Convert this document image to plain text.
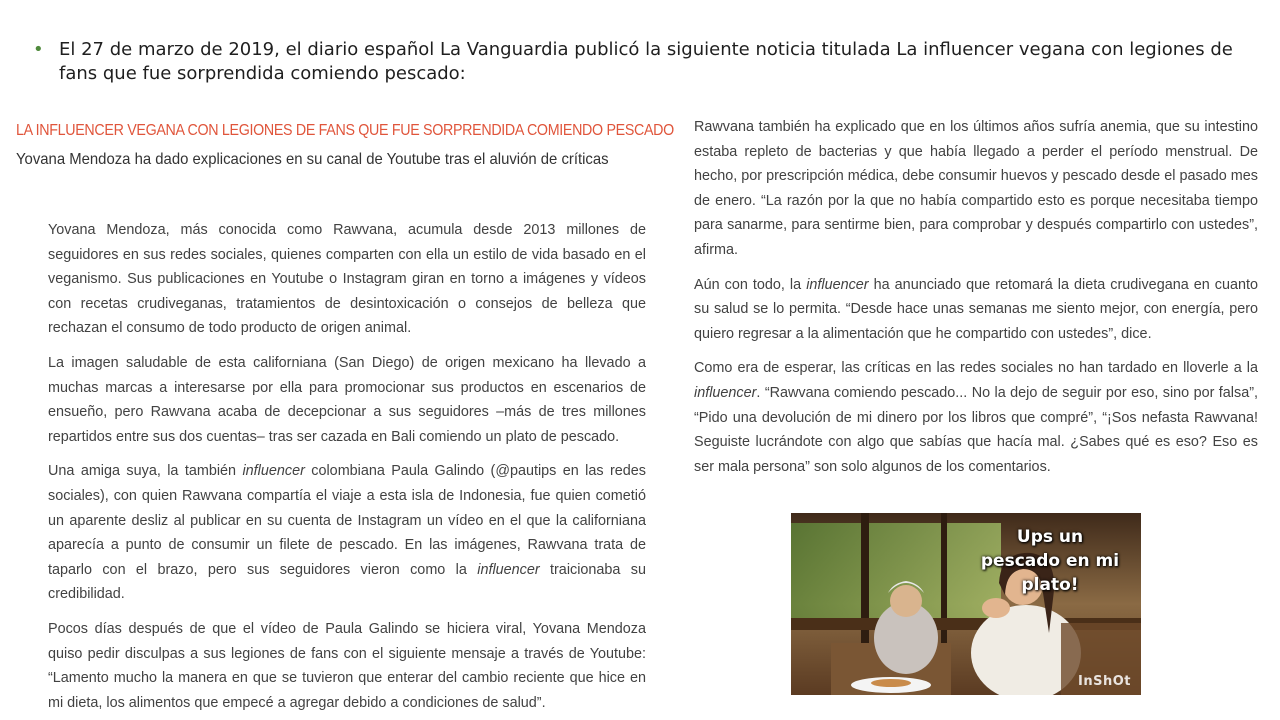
• El 27 de marzo de 2019, el diario español La Vanguardia publicó la siguiente noticia titulada La influencer vegana con legiones de fans que fue sorprendida comiendo pescado:
LA INFLUENCER VEGANA CON LEGIONES DE FANS QUE FUE SORPRENDIDA COMIENDO PESCADO
Yovana Mendoza ha dado explicaciones en su canal de Youtube tras el aluvión de críticas

Yovana Mendoza, más conocida como Rawvana, acumula desde 2013 millones de seguidores en sus redes sociales, quienes comparten con ella un estilo de vida basado en el veganismo. Sus publicaciones en Youtube o Instagram giran en torno a imágenes y vídeos con recetas crudiveganas, tratamientos de desintoxicación o consejos de belleza que rechazan el consumo de todo producto de origen animal.

La imagen saludable de esta californiana (San Diego) de origen mexicano ha llevado a muchas marcas a interesarse por ella para promocionar sus productos en escenarios de ensueño, pero Rawvana acaba de decepcionar a sus seguidores –más de tres millones repartidos entre sus dos cuentas– tras ser cazada en Bali comiendo un plato de pescado.

Una amiga suya, la también influencer colombiana Paula Galindo (@pautips en las redes sociales), con quien Rawvana compartía el viaje a esta isla de Indonesia, fue quien cometió un aparente desliz al publicar en su cuenta de Instagram un vídeo en el que la californiana aparecía a punto de consumir un filete de pescado. En las imágenes, Rawvana trata de taparlo con el brazo, pero sus seguidores vieron como la influencer traicionaba su credibilidad.

Pocos días después de que el vídeo de Paula Galindo se hiciera viral, Yovana Mendoza quiso pedir disculpas a sus legiones de fans con el siguiente mensaje a través de Youtube: “Lamento mucho la manera en que se tuvieron que enterar del cambio reciente que hice en mi dieta, los alimentos que empecé a agregar debido a condiciones de salud”.

Rawvana también ha explicado que en los últimos años sufría anemia, que su intestino estaba repleto de bacterias y que había llegado a perder el período menstrual. De hecho, por prescripción médica, debe consumir huevos y pescado desde el pasado mes de enero. “La razón por la que no había compartido esto es porque necesitaba tiempo para sanarme, para sentirme bien, para comprobar y después compartirlo con ustedes”, afirma.

Aún con todo, la influencer ha anunciado que retomará la dieta crudivegana en cuanto su salud se lo permita. “Desde hace unas semanas me siento mejor, con energía, pero quiero regresar a la alimentación que he compartido con ustedes”, dice.

Como era de esperar, las críticas en las redes sociales no han tardado en lloverle a la influencer. “Rawvana comiendo pescado... No la dejo de seguir por eso, sino por falsa”, “Pido una devolución de mi dinero por los libros que compré”, “¡Sos nefasta Rawvana! Seguiste lucrándote con algo que sabías que hacía mal. ¿Sabes qué es eso? Eso es ser mala persona” son solo algunos de los comentarios.

Ups un pescado en mi plato!
InShOt
